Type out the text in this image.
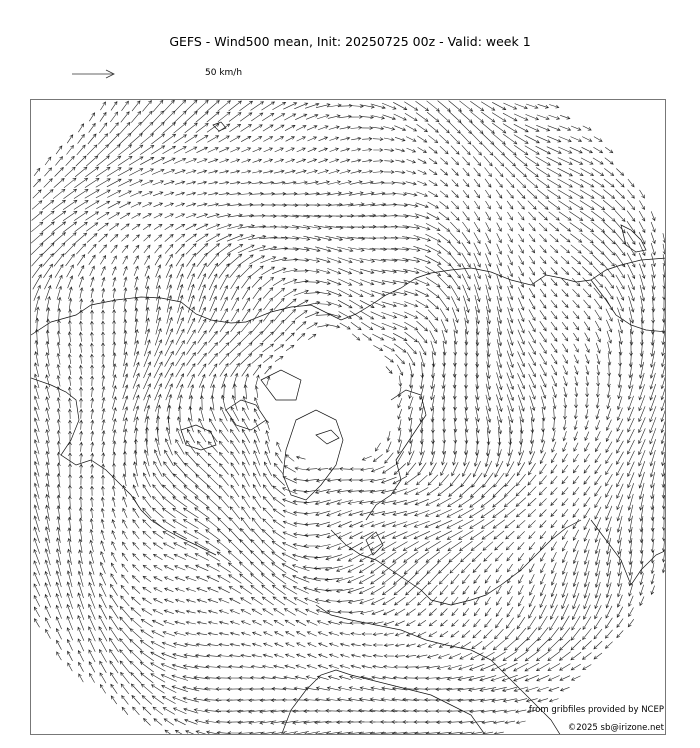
GEFS - Wind500 mean, Init: 20250725 00z - Valid: week 1
50 km/h
from gribfiles provided by NCEP
©2025 sb@irizone.net
